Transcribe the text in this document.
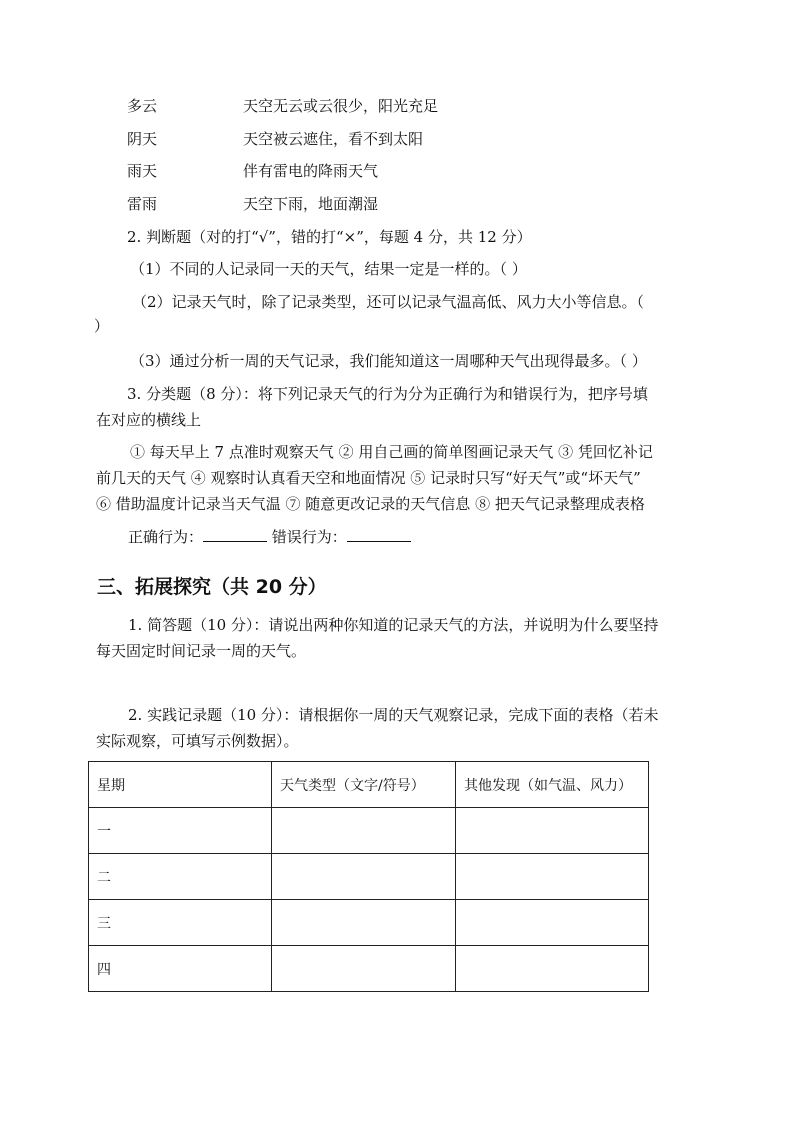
多云	天空无云或云很少，阳光充足
阴天	天空被云遮住，看不到太阳
雨天	伴有雷电的降雨天气
雷雨	天空下雨，地面潮湿
2. 判断题（对的打“√”，错的打“×”，每题 4 分，共 12 分）
（1）不同的人记录同一天的天气，结果一定是一样的。（ ）
（2）记录天气时，除了记录类型，还可以记录气温高低、风力大小等信息。（
）
（3）通过分析一周的天气记录，我们能知道这一周哪种天气出现得最多。（ ）
3. 分类题（8 分）：将下列记录天气的行为分为正确行为和错误行为，把序号填
在对应的横线上
① 每天早上 7 点准时观察天气 ② 用自己画的简单图画记录天气 ③ 凭回忆补记
前几天的天气 ④ 观察时认真看天空和地面情况 ⑤ 记录时只写“好天气”或“坏天气”
⑥ 借助温度计记录当天气温 ⑦ 随意更改记录的天气信息 ⑧ 把天气记录整理成表格
正确行为：	错误行为：
三、拓展探究（共 20 分）
1. 简答题（10 分）：请说出两种你知道的记录天气的方法，并说明为什么要坚持
每天固定时间记录一周的天气。
2. 实践记录题（10 分）：请根据你一周的天气观察记录，完成下面的表格（若未
实际观察，可填写示例数据）。
星期	天气类型（文字/符号）	其他发现（如气温、风力）
一		
二		
三		
四		
